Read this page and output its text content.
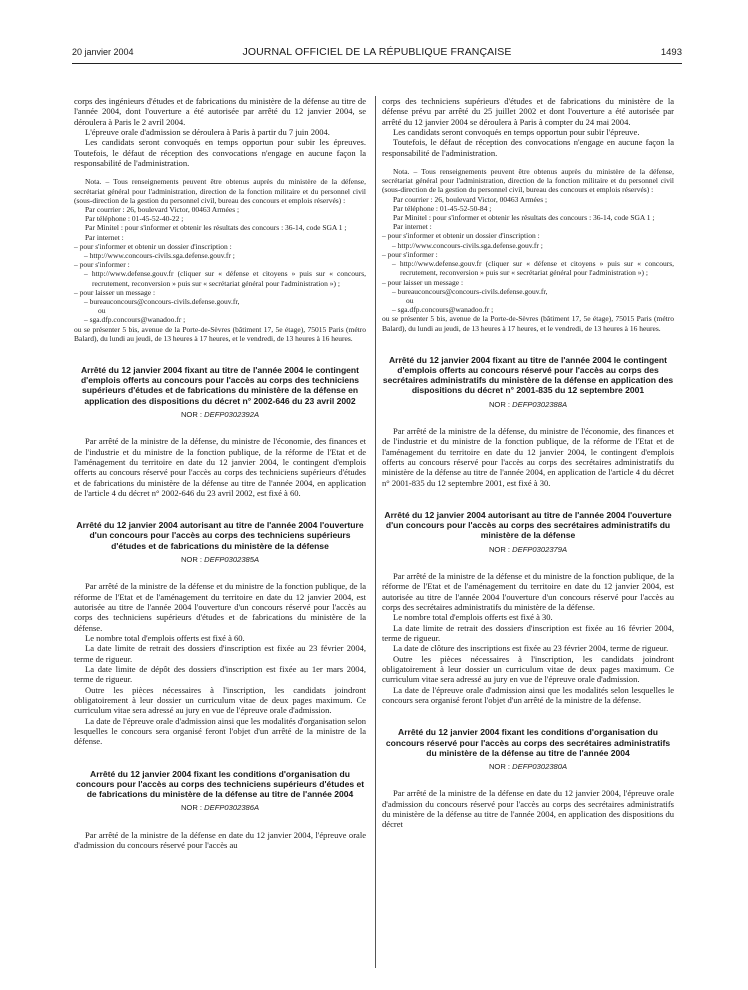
20 janvier 2004	JOURNAL OFFICIEL DE LA RÉPUBLIQUE FRANÇAISE	1493

corps des ingénieurs d'études et de fabrications du ministère de la défense au titre de l'année 2004, dont l'ouverture a été autorisée par arrêté du 12 janvier 2004, se déroulera à Paris le 2 avril 2004.

L'épreuve orale d'admission se déroulera à Paris à partir du 7 juin 2004.

Les candidats seront convoqués en temps opportun pour subir les épreuves. Toutefois, le défaut de réception des convocations n'engage en aucune façon la responsabilité de l'administration.

Nota. – Tous renseignements peuvent être obtenus auprès du ministère de la défense, secrétariat général pour l'administration, direction de la fonction militaire et du personnel civil (sous-direction de la gestion du personnel civil, bureau des concours et emplois réservés) :

Par courrier : 26, boulevard Victor, 00463 Armées ;

Par téléphone : 01-45-52-40-22 ;

Par Minitel : pour s'informer et obtenir les résultats des concours : 36-14, code SGA 1 ;

Par internet :

– pour s'informer et obtenir un dossier d'inscription :

– http://www.concours-civils.sga.defense.gouv.fr ;

– pour s'informer :

– http://www.defense.gouv.fr (cliquer sur « défense et citoyens » puis sur « concours, recrutement, reconversion » puis sur « secrétariat général pour l'administration ») ;

– pour laisser un message :

– bureauconcours@concours-civils.defense.gouv.fr,

ou

– sga.dfp.concours@wanadoo.fr ;

ou se présenter 5 bis, avenue de la Porte-de-Sèvres (bâtiment 17, 5e étage), 75015 Paris (métro Balard), du lundi au jeudi, de 13 heures à 17 heures, et le vendredi, de 13 heures à 16 heures.

Arrêté du 12 janvier 2004 fixant au titre de l'année 2004 le contingent d'emplois offerts au concours pour l'accès au corps des techniciens supérieurs d'études et de fabrications du ministère de la défense en application des dispositions du décret n° 2002-646 du 23 avril 2002

NOR : DEFP0302392A

Par arrêté de la ministre de la défense, du ministre de l'économie, des finances et de l'industrie et du ministre de la fonction publique, de la réforme de l'Etat et de l'aménagement du territoire en date du 12 janvier 2004, le contingent d'emplois offerts au concours réservé pour l'accès au corps des techniciens supérieurs d'études et de fabrications du ministère de la défense au titre de l'année 2004, en application de l'article 4 du décret n° 2002-646 du 23 avril 2002, est fixé à 60.

Arrêté du 12 janvier 2004 autorisant au titre de l'année 2004 l'ouverture d'un concours pour l'accès au corps des techniciens supérieurs d'études et de fabrications du ministère de la défense

NOR : DEFP0302385A

Par arrêté de la ministre de la défense et du ministre de la fonction publique, de la réforme de l'Etat et de l'aménagement du territoire en date du 12 janvier 2004, est autorisée au titre de l'année 2004 l'ouverture d'un concours réservé pour l'accès au corps des techniciens supérieurs d'études et de fabrications du ministère de la défense.

Le nombre total d'emplois offerts est fixé à 60.

La date limite de retrait des dossiers d'inscription est fixée au 23 février 2004, terme de rigueur.

La date limite de dépôt des dossiers d'inscription est fixée au 1er mars 2004, terme de rigueur.

Outre les pièces nécessaires à l'inscription, les candidats joindront obligatoirement à leur dossier un curriculum vitae de deux pages maximum. Ce curriculum vitae sera adressé au jury en vue de l'épreuve orale d'admission.

La date de l'épreuve orale d'admission ainsi que les modalités d'organisation selon lesquelles le concours sera organisé feront l'objet d'un arrêté de la ministre de la défense.

Arrêté du 12 janvier 2004 fixant les conditions d'organisation du concours pour l'accès au corps des techniciens supérieurs d'études et de fabrications du ministère de la défense au titre de l'année 2004

NOR : DEFP0302386A

Par arrêté de la ministre de la défense en date du 12 janvier 2004, l'épreuve orale d'admission du concours réservé pour l'accès au

corps des techniciens supérieurs d'études et de fabrications du ministère de la défense prévu par arrêté du 25 juillet 2002 et dont l'ouverture a été autorisée par arrêté du 12 janvier 2004 se déroulera à Paris à compter du 24 mai 2004.

Les candidats seront convoqués en temps opportun pour subir l'épreuve.

Toutefois, le défaut de réception des convocations n'engage en aucune façon la responsabilité de l'administration.

Nota. – Tous renseignements peuvent être obtenus auprès du ministère de la défense, secrétariat général pour l'administration, direction de la fonction militaire et du personnel civil (sous-direction de la gestion du personnel civil, bureau des concours et emplois réservés) :

Par courrier : 26, boulevard Victor, 00463 Armées ;

Par téléphone : 01-45-52-50-84 ;

Par Minitel : pour s'informer et obtenir les résultats des concours : 36-14, code SGA 1 ;

Par internet :

– pour s'informer et obtenir un dossier d'inscription :

– http://www.concours-civils.sga.defense.gouv.fr ;

– pour s'informer :

– http://www.defense.gouv.fr (cliquer sur « défense et citoyens » puis sur « concours, recrutement, reconversion » puis sur « secrétariat général pour l'administration ») ;

– pour laisser un message :

– bureauconcours@concours-civils.defense.gouv.fr,

ou

– sga.dfp.concours@wanadoo.fr ;

ou se présenter 5 bis, avenue de la Porte-de-Sèvres (bâtiment 17, 5e étage), 75015 Paris (métro Balard), du lundi au jeudi, de 13 heures à 17 heures, et le vendredi, de 13 heures à 16 heures.

Arrêté du 12 janvier 2004 fixant au titre de l'année 2004 le contingent d'emplois offerts au concours réservé pour l'accès au corps des secrétaires administratifs du ministère de la défense en application des dispositions du décret n° 2001-835 du 12 septembre 2001

NOR : DEFP0302388A

Par arrêté de la ministre de la défense, du ministre de l'économie, des finances et de l'industrie et du ministre de la fonction publique, de la réforme de l'Etat et de l'aménagement du territoire en date du 12 janvier 2004, le contingent d'emplois offerts au concours réservé pour l'accès au corps des secrétaires administratifs du ministère de la défense au titre de l'année 2004, en application de l'article 4 du décret n° 2001-835 du 12 septembre 2001, est fixé à 30.

Arrêté du 12 janvier 2004 autorisant au titre de l'année 2004 l'ouverture d'un concours pour l'accès au corps des secrétaires administratifs du ministère de la défense

NOR : DEFP0302379A

Par arrêté de la ministre de la défense et du ministre de la fonction publique, de la réforme de l'Etat et de l'aménagement du territoire en date du 12 janvier 2004, est autorisée au titre de l'année 2004 l'ouverture d'un concours réservé pour l'accès au corps des secrétaires administratifs du ministère de la défense.

Le nombre total d'emplois offerts est fixé à 30.

La date limite de retrait des dossiers d'inscription est fixée au 16 février 2004, terme de rigueur.

La date de clôture des inscriptions est fixée au 23 février 2004, terme de rigueur.

Outre les pièces nécessaires à l'inscription, les candidats joindront obligatoirement à leur dossier un curriculum vitae de deux pages maximum. Ce curriculum vitae sera adressé au jury en vue de l'épreuve orale d'admission.

La date de l'épreuve orale d'admission ainsi que les modalités selon lesquelles le concours sera organisé feront l'objet d'un arrêté de la ministre de la défense.

Arrêté du 12 janvier 2004 fixant les conditions d'organisation du concours réservé pour l'accès au corps des secrétaires administratifs du ministère de la défense au titre de l'année 2004

NOR : DEFP0302380A

Par arrêté de la ministre de la défense en date du 12 janvier 2004, l'épreuve orale d'admission du concours réservé pour l'accès au corps des secrétaires administratifs du ministère de la défense au titre de l'année 2004, en application des dispositions du décret
